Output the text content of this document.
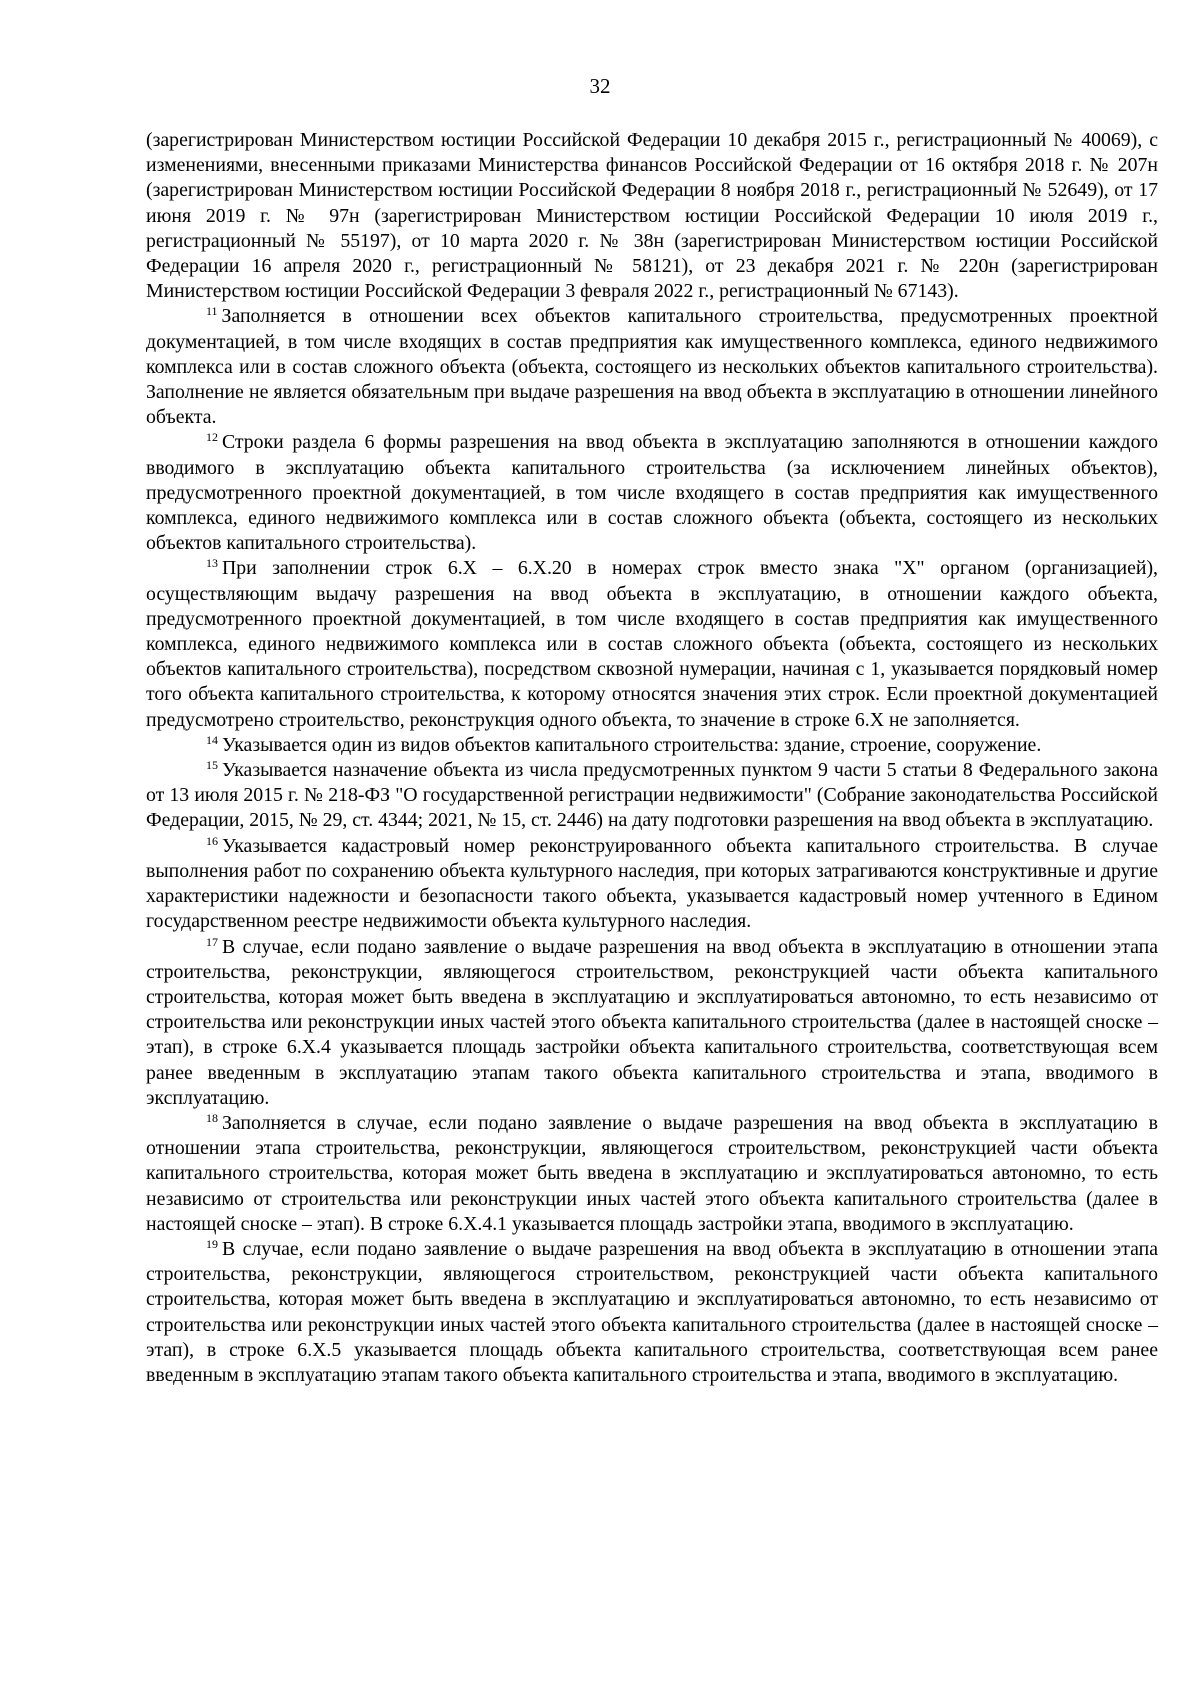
32

(зарегистрирован Министерством юстиции Российской Федерации 10 декабря 2015 г., регистрационный № 40069), с изменениями, внесенными приказами Министерства финансов Российской Федерации от 16 октября 2018 г. № 207н (зарегистрирован Министерством юстиции Российской Федерации 8 ноября 2018 г., регистрационный № 52649), от 17 июня 2019 г. № 97н (зарегистрирован Министерством юстиции Российской Федерации 10 июля 2019 г., регистрационный № 55197), от 10 марта 2020 г. № 38н (зарегистрирован Министерством юстиции Российской Федерации 16 апреля 2020 г., регистрационный № 58121), от 23 декабря 2021 г. № 220н (зарегистрирован Министерством юстиции Российской Федерации 3 февраля 2022 г., регистрационный № 67143).

$^{11}$  Заполняется в отношении всех объектов капитального строительства, предусмотренных проектной документацией, в том числе входящих в состав предприятия как имущественного комплекса, единого недвижимого комплекса или в состав сложного объекта (объекта, состоящего из нескольких объектов капитального строительства). Заполнение не является обязательным при выдаче разрешения на ввод объекта в эксплуатацию в отношении линейного объекта.

$^{12}$  Строки раздела 6 формы разрешения на ввод объекта в эксплуатацию заполняются в отношении каждого вводимого в эксплуатацию объекта капитального строительства (за исключением линейных объектов), предусмотренного проектной документацией, в том числе входящего в состав предприятия как имущественного комплекса, единого недвижимого комплекса или в состав сложного объекта (объекта, состоящего из нескольких объектов капитального строительства).

$^{13}$  При заполнении строк 6.Х – 6.Х.20 в номерах строк вместо знака "Х" органом (организацией), осуществляющим выдачу разрешения на ввод объекта в эксплуатацию, в отношении каждого объекта, предусмотренного проектной документацией, в том числе входящего в состав предприятия как имущественного комплекса, единого недвижимого комплекса или в состав сложного объекта (объекта, состоящего из нескольких объектов капитального строительства), посредством сквозной нумерации, начиная с 1, указывается порядковый номер того объекта капитального строительства, к которому относятся значения этих строк. Если проектной документацией предусмотрено строительство, реконструкция одного объекта, то значение в строке 6.Х не заполняется.

$^{14}$  Указывается один из видов объектов капитального строительства: здание, строение, сооружение.

$^{15}$  Указывается назначение объекта из числа предусмотренных пунктом 9 части 5 статьи 8 Федерального закона от 13 июля 2015 г. № 218-ФЗ "О государственной регистрации недвижимости" (Собрание законодательства Российской Федерации, 2015, № 29, ст. 4344; 2021, № 15, ст. 2446) на дату подготовки разрешения на ввод объекта в эксплуатацию.

$^{16}$  Указывается кадастровый номер реконструированного объекта капитального строительства. В случае выполнения работ по сохранению объекта культурного наследия, при которых затрагиваются конструктивные и другие характеристики надежности и безопасности такого объекта, указывается кадастровый номер учтенного в Едином государственном реестре недвижимости объекта культурного наследия.

$^{17}$  В случае, если подано заявление о выдаче разрешения на ввод объекта в эксплуатацию в отношении этапа строительства, реконструкции, являющегося строительством, реконструкцией части объекта капитального строительства, которая может быть введена в эксплуатацию и эксплуатироваться автономно, то есть независимо от строительства или реконструкции иных частей этого объекта капитального строительства (далее в настоящей сноске – этап), в строке 6.Х.4 указывается площадь застройки объекта капитального строительства, соответствующая всем ранее введенным в эксплуатацию этапам такого объекта капитального строительства и этапа, вводимого в эксплуатацию.

$^{18}$  Заполняется в случае, если подано заявление о выдаче разрешения на ввод объекта в эксплуатацию в отношении этапа строительства, реконструкции, являющегося строительством, реконструкцией части объекта капитального строительства, которая может быть введена в эксплуатацию и эксплуатироваться автономно, то есть независимо от строительства или реконструкции иных частей этого объекта капитального строительства (далее в настоящей сноске – этап). В строке 6.Х.4.1 указывается площадь застройки этапа, вводимого в эксплуатацию.

$^{19}$  В случае, если подано заявление о выдаче разрешения на ввод объекта в эксплуатацию в отношении этапа строительства, реконструкции, являющегося строительством, реконструкцией части объекта капитального строительства, которая может быть введена в эксплуатацию и эксплуатироваться автономно, то есть независимо от строительства или реконструкции иных частей этого объекта капитального строительства (далее в настоящей сноске – этап), в строке 6.Х.5 указывается площадь объекта капитального строительства, соответствующая всем ранее введенным в эксплуатацию этапам такого объекта капитального строительства и этапа, вводимого в эксплуатацию.
